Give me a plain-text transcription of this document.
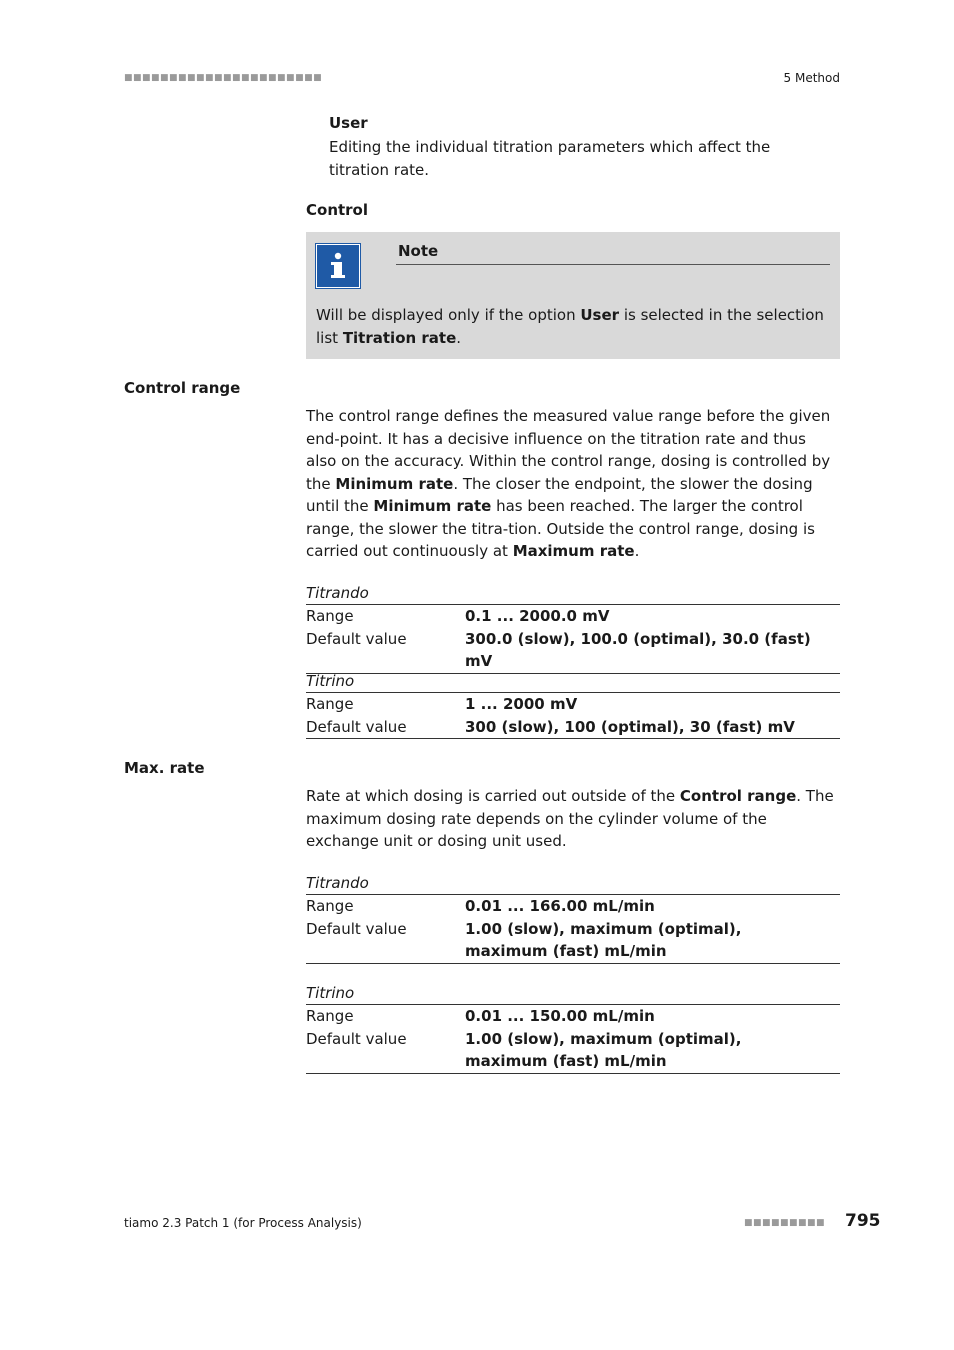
■■■■■■■■■■■■■■■■■■■■■■	5 Method
User
Editing the individual titration parameters which affect the titration rate.
Control
Note
Will be displayed only if the option User is selected in the selection list Titration rate.
Control range
The control range defines the measured value range before the given end-point. It has a decisive influence on the titration rate and thus also on the accuracy. Within the control range, dosing is controlled by the Minimum rate. The closer the endpoint, the slower the dosing until the Minimum rate has been reached. The larger the control range, the slower the titra-tion. Outside the control range, dosing is carried out continuously at Maximum rate.
Titrando
Range	0.1 ... 2000.0 mV
Default value	300.0 (slow), 100.0 (optimal), 30.0 (fast) mV
Titrino
Range	1 ... 2000 mV
Default value	300 (slow), 100 (optimal), 30 (fast) mV
Max. rate
Rate at which dosing is carried out outside of the Control range. The maximum dosing rate depends on the cylinder volume of the exchange unit or dosing unit used.
Titrando
Range	0.01 ... 166.00 mL/min
Default value	1.00 (slow), maximum (optimal), maximum (fast) mL/min
Titrino
Range	0.01 ... 150.00 mL/min
Default value	1.00 (slow), maximum (optimal), maximum (fast) mL/min
tiamo 2.3 Patch 1 (for Process Analysis)	■■■■■■■■■ 795
